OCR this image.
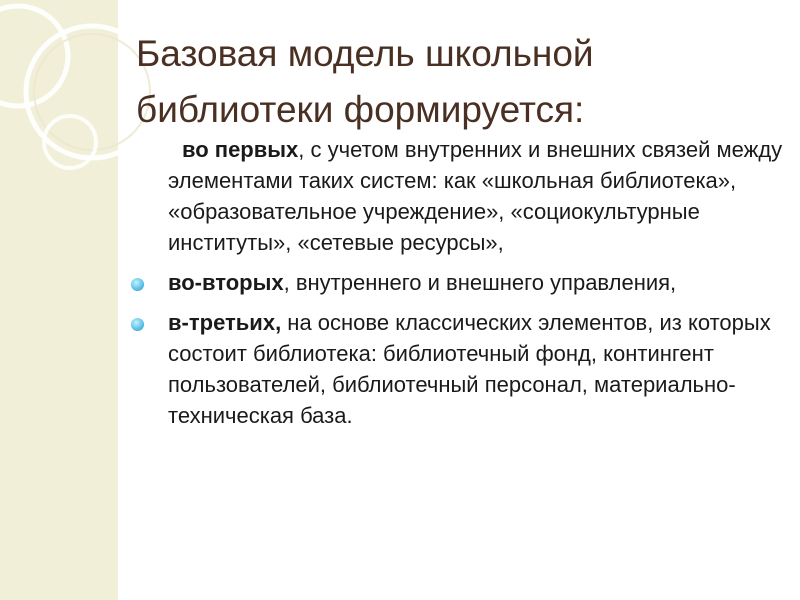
Базовая модель школьной
библиотеки формируется:

во первых, с учетом внутренних и внешних связей между элементами таких систем: как «школьная библиотека», «образовательное учреждение», «социокультурные институты», «сетевые ресурсы»,

во-вторых, внутреннего и внешнего управления,

в-третьих, на основе классических элементов, из которых состоит библиотека: библиотечный фонд, контингент пользователей, библиотечный персонал, материально-техническая база.
